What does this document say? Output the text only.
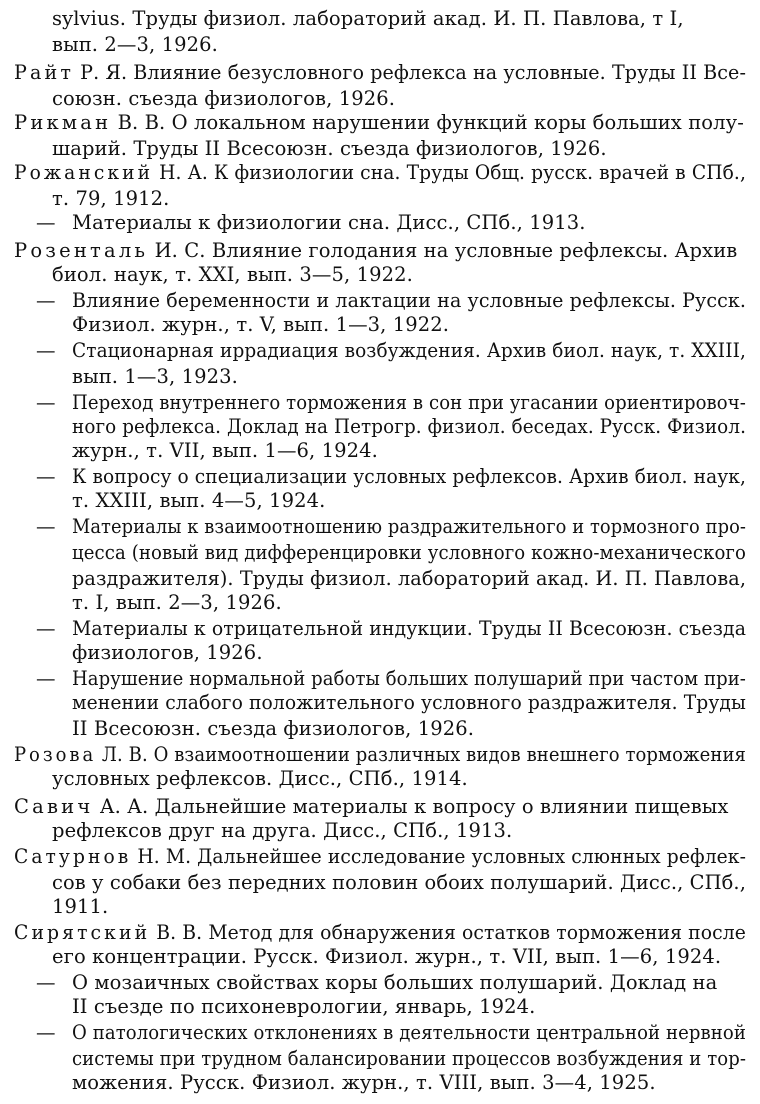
sylvius. Труды физиол. лабораторий акад. И. П. Павлова, т I,
вып. 2—3, 1926.
Райт Р. Я. Влияние безусловного рефлекса на условные. Труды II Все-
союзн. съезда физиологов, 1926.
Рикман В. В. О локальном нарушении функций коры больших полу-
шарий. Труды II Всесоюзн. съезда физиологов, 1926.
Рожанский Н. А. К физиологии сна. Труды Общ. русск. врачей в СПб.,
т. 79, 1912.
— Материалы к физиологии сна. Дисс., СПб., 1913.
Розенталь И. С. Влияние голодания на условные рефлексы. Архив
биол. наук, т. XXI, вып. 3—5, 1922.
— Влияние беременности и лактации на условные рефлексы. Русск.
Физиол. журн., т. V, вып. 1—3, 1922.
— Стационарная иррадиация возбуждения. Архив биол. наук, т. XXIII,
вып. 1—3, 1923.
— Переход внутреннего торможения в сон при угасании ориентировоч-
ного рефлекса. Доклад на Петрогр. физиол. беседах. Русск. Физиол.
журн., т. VII, вып. 1—6, 1924.
— К вопросу о специализации условных рефлексов. Архив биол. наук,
т. XXIII, вып. 4—5, 1924.
— Материалы к взаимоотношению раздражительного и тормозного про-
цесса (новый вид дифференцировки условного кожно-механического
раздражителя). Труды физиол. лабораторий акад. И. П. Павлова,
т. I, вып. 2—3, 1926.
— Материалы к отрицательной индукции. Труды II Всесоюзн. съезда
физиологов, 1926.
— Нарушение нормальной работы больших полушарий при частом при-
менении слабого положительного условного раздражителя. Труды
II Всесоюзн. съезда физиологов, 1926.
Розова Л. В. О взаимоотношении различных видов внешнего торможения
условных рефлексов. Дисс., СПб., 1914.
Савич А. А. Дальнейшие материалы к вопросу о влиянии пищевых
рефлексов друг на друга. Дисс., СПб., 1913.
Сатурнов Н. М. Дальнейшее исследование условных слюнных рефлек-
сов у собаки без передних половин обоих полушарий. Дисс., СПб.,
1911.
Сирятский В. В. Метод для обнаружения остатков торможения после
его концентрации. Русск. Физиол. журн., т. VII, вып. 1—6, 1924.
— О мозаичных свойствах коры больших полушарий. Доклад на
II съезде по психоневрологии, январь, 1924.
— О патологических отклонениях в деятельности центральной нервной
системы при трудном балансировании процессов возбуждения и тор-
можения. Русск. Физиол. журн., т. VIII, вып. 3—4, 1925.
